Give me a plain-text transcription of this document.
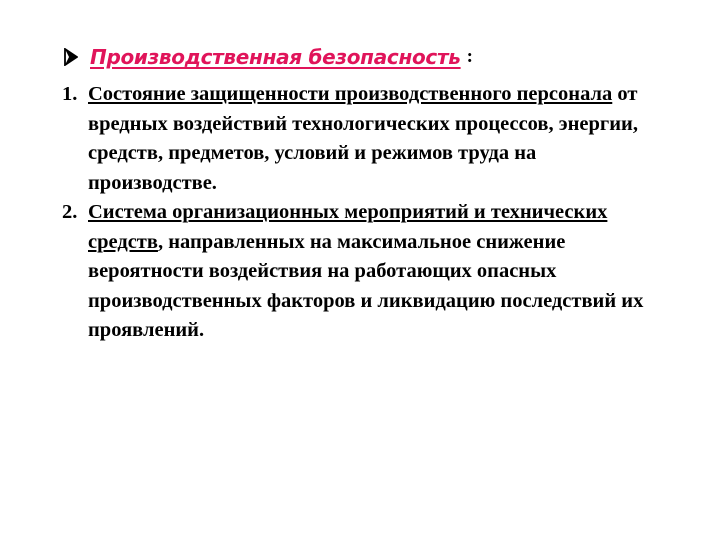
Производственная безопасность :
1. Состояние защищенности производственного персонала от вредных воздействий технологических процессов, энергии, средств, предметов, условий и режимов труда на производстве.
2. Система организационных мероприятий и технических средств, направленных на максимальное снижение вероятности воздействия на работающих опасных производственных факторов и ликвидацию последствий их проявлений.
